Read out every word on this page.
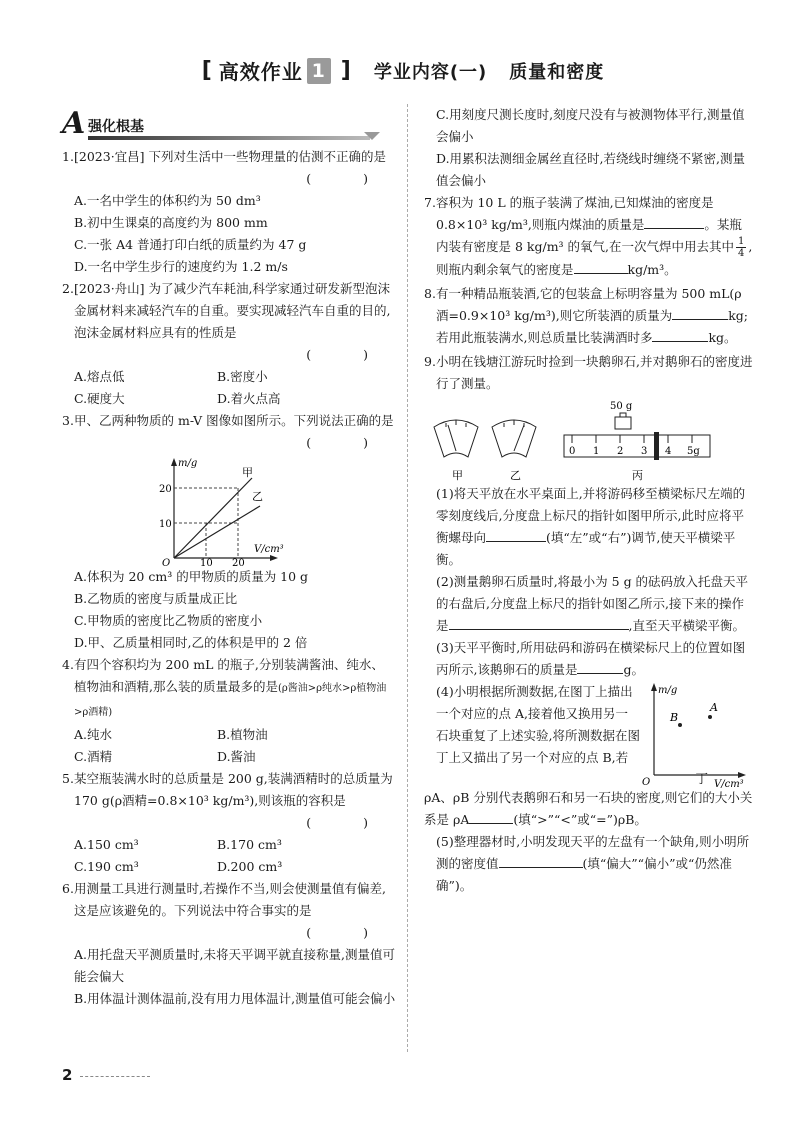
[ 高效作业 1 ] 学业内容(一) 质量和密度
A 强化根基
1. [2023·宜昌] 下列对生活中一些物理量的估测不正确的是
( )
A.一名中学生的体积约为 50 dm³
B.初中生课桌的高度约为 800 mm
C.一张 A4 普通打印白纸的质量约为 47 g
D.一名中学生步行的速度约为 1.2 m/s
2. [2023·舟山] 为了减少汽车耗油,科学家通过研发新型泡沫金属材料来减轻汽车的自重。要实现减轻汽车自重的目的,泡沫金属材料应具有的性质是
( )
A.熔点低	B.密度小
C.硬度大	D.着火点高
3. 甲、乙两种物质的 m-V 图像如图所示。下列说法正确的是
( )
m/g
V/cm³
O
甲
乙
10
20
10 20
A.体积为 20 cm³ 的甲物质的质量为 10 g
B.乙物质的密度与质量成正比
C.甲物质的密度比乙物质的密度小
D.甲、乙质量相同时,乙的体积是甲的 2 倍
4. 有四个容积均为 200 mL 的瓶子,分别装满酱油、纯水、植物油和酒精,那么装的质量最多的是(ρ酱油>ρ纯水>ρ植物油>ρ酒精)
A.纯水	B.植物油
C.酒精	D.酱油
5. 某空瓶装满水时的总质量是 200 g,装满酒精时的总质量为 170 g(ρ酒精=0.8×10³ kg/m³),则该瓶的容积是
( )
A.150 cm³	B.170 cm³
C.190 cm³	D.200 cm³
6. 用测量工具进行测量时,若操作不当,则会使测量值有偏差,这是应该避免的。下列说法中符合事实的是
( )
A.用托盘天平测质量时,未将天平调平就直接称量,测量值可能会偏大
B.用体温计测体温前,没有用力甩体温计,测量值可能会偏小
C.用刻度尺测长度时,刻度尺没有与被测物体平行,测量值会偏小
D.用累积法测细金属丝直径时,若绕线时缠绕不紧密,测量值会偏小
7. 容积为 10 L 的瓶子装满了煤油,已知煤油的密度是 0.8×10³ kg/m³,则瓶内煤油的质量是	。某瓶内装有密度是 8 kg/m³ 的氧气,在一次气焊中用去其中 $\frac{1}{4}$ ,则瓶内剩余氧气的密度是	kg/m³。
8. 有一种精品瓶装酒,它的包装盒上标明容量为 500 mL(ρ酒=0.9×10³ kg/m³),则它所装酒的质量为	kg;若用此瓶装满水,则总质量比装满酒时多	kg。
9. 小明在钱塘江游玩时捡到一块鹅卵石,并对鹅卵石的密度进行了测量。
甲	乙
50 g
0 1 2 3 4 5g
丙
(1)将天平放在水平桌面上,并将游码移至横梁标尺左端的零刻度线后,分度盘上标尺的指针如图甲所示,此时应将平衡螺母向	(填“左”或“右”)调节,使天平横梁平衡。
(2)测量鹅卵石质量时,将最小为 5 g 的砝码放入托盘天平的右盘后,分度盘上标尺的指针如图乙所示,接下来的操作是	,直至天平横梁平衡。
(3)天平平衡时,所用砝码和游码在横梁标尺上的位置如图丙所示,该鹅卵石的质量是	g。
(4)小明根据所测数据,在图丁上描出一个对应的点 A,接着他又换用另一石块重复了上述实验,将所测数据在图丁上又描出了另一个对应的点 B,若
m/g
V/cm³
O
A
B
丁
ρA、ρB 分别代表鹅卵石和另一石块的密度,则它们的大小关系是 ρA	(填“>”“<”或“=”)ρB。
(5)整理器材时,小明发现天平的左盘有一个缺角,则小明所测的密度值	(填“偏大”“偏小”或“仍然准确”)。
2
